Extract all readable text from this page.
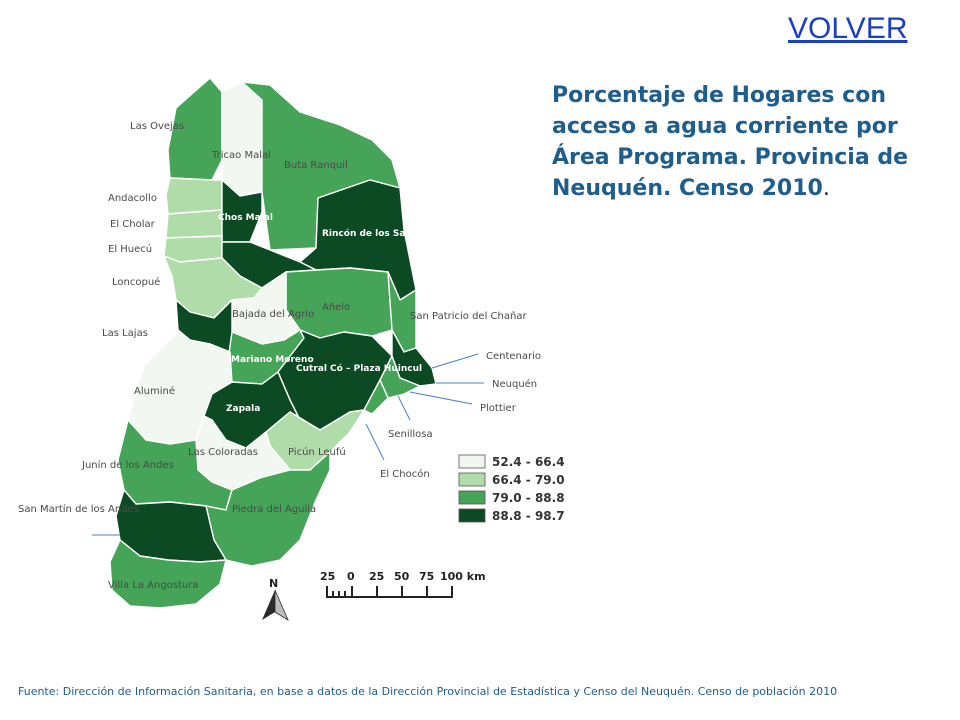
VOLVER
Porcentaje de Hogares con acceso a agua corriente por Área Programa. Provincia de Neuquén. Censo 2010.
Las Ovejas
Tricao Malal
Buta Ranquil
Andacollo
El Cholar
Chos Malal
Rincón de los Sauces
El Huecú
Loncopué
Añelo
Bajada del Agrio	San Patricio del Chañar
Las Lajas
Mariano Moreno	Centenario
Cutral Có – Plaza Huincul
Neuquén
Aluminé
Plottier
Zapala
Senillosa
Las Coloradas	Picún Leufú
Junín de los Andes
El Chocón
San Martín de los Andes	Piedra del Aguila
Villa La Angostura
52.4 - 66.4
66.4 - 79.0
79.0 - 88.8
88.8 - 98.7
N
25 0 25 50 75 100 km
Fuente: Dirección de Información Sanitaria, en base a datos de la Dirección Provincial de Estadística y Censo del Neuquén. Censo de población 2010
